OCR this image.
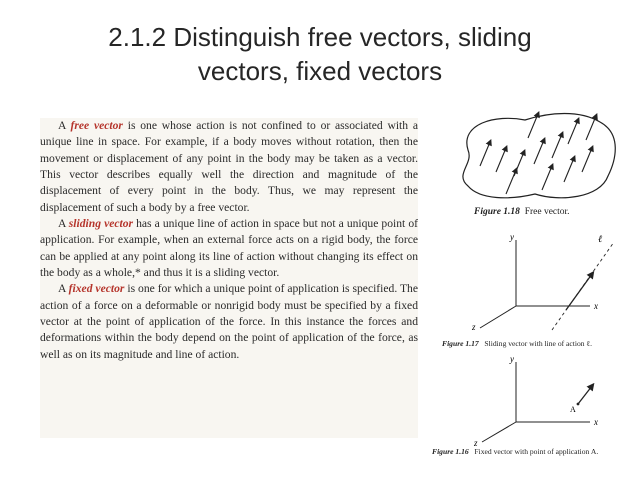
2.1.2 Distinguish free vectors, sliding
vectors, fixed vectors

A free vector is one whose action is not confined to or associated with a unique line in space. For example, if a body moves without rotation, then the movement or displacement of any point in the body may be taken as a vector. This vector describes equally well the direction and magnitude of the displacement of every point in the body. Thus, we may represent the displacement of such a body by a free vector.

A sliding vector has a unique line of action in space but not a unique point of application. For example, when an external force acts on a rigid body, the force can be applied at any point along its line of action without changing its effect on the body as a whole,* and thus it is a sliding vector.

A fixed vector is one for which a unique point of application is specified. The action of a force on a deformable or nonrigid body must be specified by a fixed vector at the point of application of the force. In this instance the forces and deformations within the body depend on the point of application of the force, as well as on its magnitude and line of action.

Figure 1.18 Free vector.
y
x
z
ℓ
Figure 1.17 Sliding vector with line of action ℓ.
y
x
z
A
Figure 1.16 Fixed vector with point of application A.
